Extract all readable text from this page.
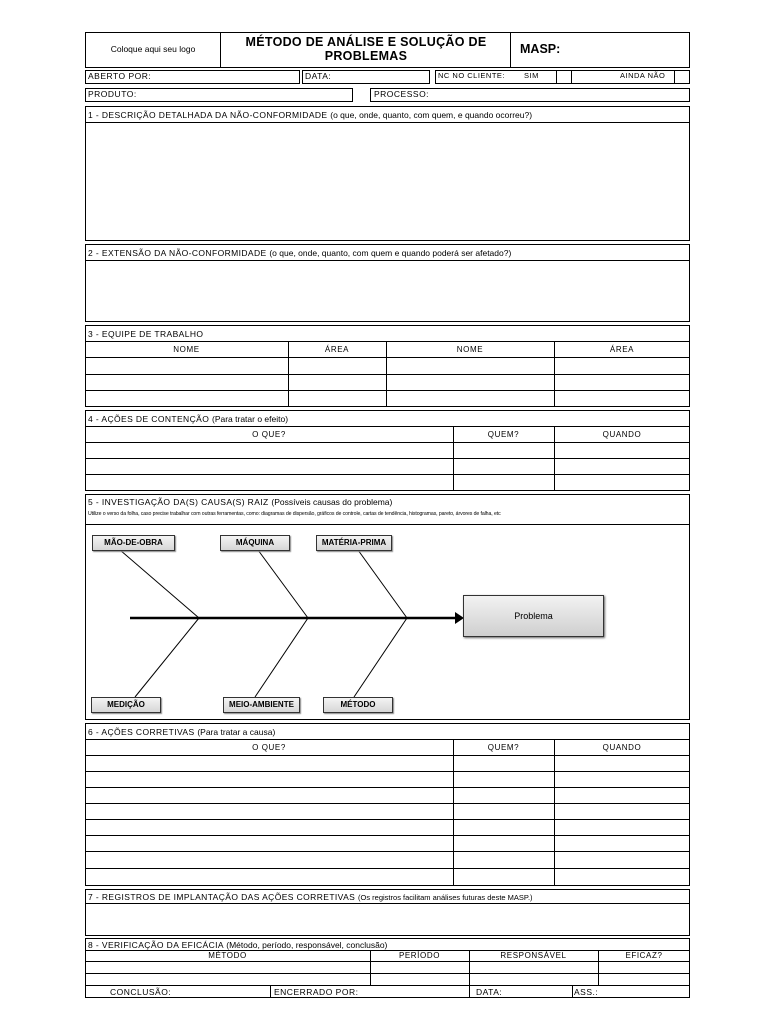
Coloque aqui seu logo	MÉTODO DE ANÁLISE E SOLUÇÃO DE PROBLEMAS	MASP:
ABERTO POR:	DATA:	NC NO CLIENTE:	SIM	AINDA NÃO
PRODUTO:	PROCESSO:
1 - DESCRIÇÃO DETALHADA DA NÃO-CONFORMIDADE (o que, onde, quanto, com quem, e quando ocorreu?)
2 - EXTENSÃO DA NÃO-CONFORMIDADE (o que, onde, quanto, com quem e quando poderá ser afetado?)
3 - EQUIPE DE TRABALHO
NOME	ÁREA	NOME	ÁREA
4 - AÇÕES DE CONTENÇÃO (Para tratar o efeito)
O QUE?	QUEM?	QUANDO
5 - INVESTIGAÇÃO DA(S) CAUSA(S) RAIZ (Possíveis causas do problema)
Utilize o verso da folha, caso precise trabalhar com outras ferramentas, como: diagramas de dispersão, gráficos de controle, cartas de tendência, histogramas, pareto, árvores de falha, etc
MÃO-DE-OBRA	MÁQUINA	MATÉRIA-PRIMA
MEDIÇÃO	MEIO-AMBIENTE	MÉTODO
Problema
6 - AÇÕES CORRETIVAS (Para tratar a causa)
O QUE?	QUEM?	QUANDO
7 - REGISTROS DE IMPLANTAÇÃO DAS AÇÕES CORRETIVAS (Os registros facilitam análises futuras deste MASP.)
8 - VERIFICAÇÃO DA EFICÁCIA (Método, período, responsável, conclusão)
MÉTODO	PERÍODO	RESPONSÁVEL	EFICAZ?
CONCLUSÃO:	ENCERRADO POR:	DATA:	ASS.:
